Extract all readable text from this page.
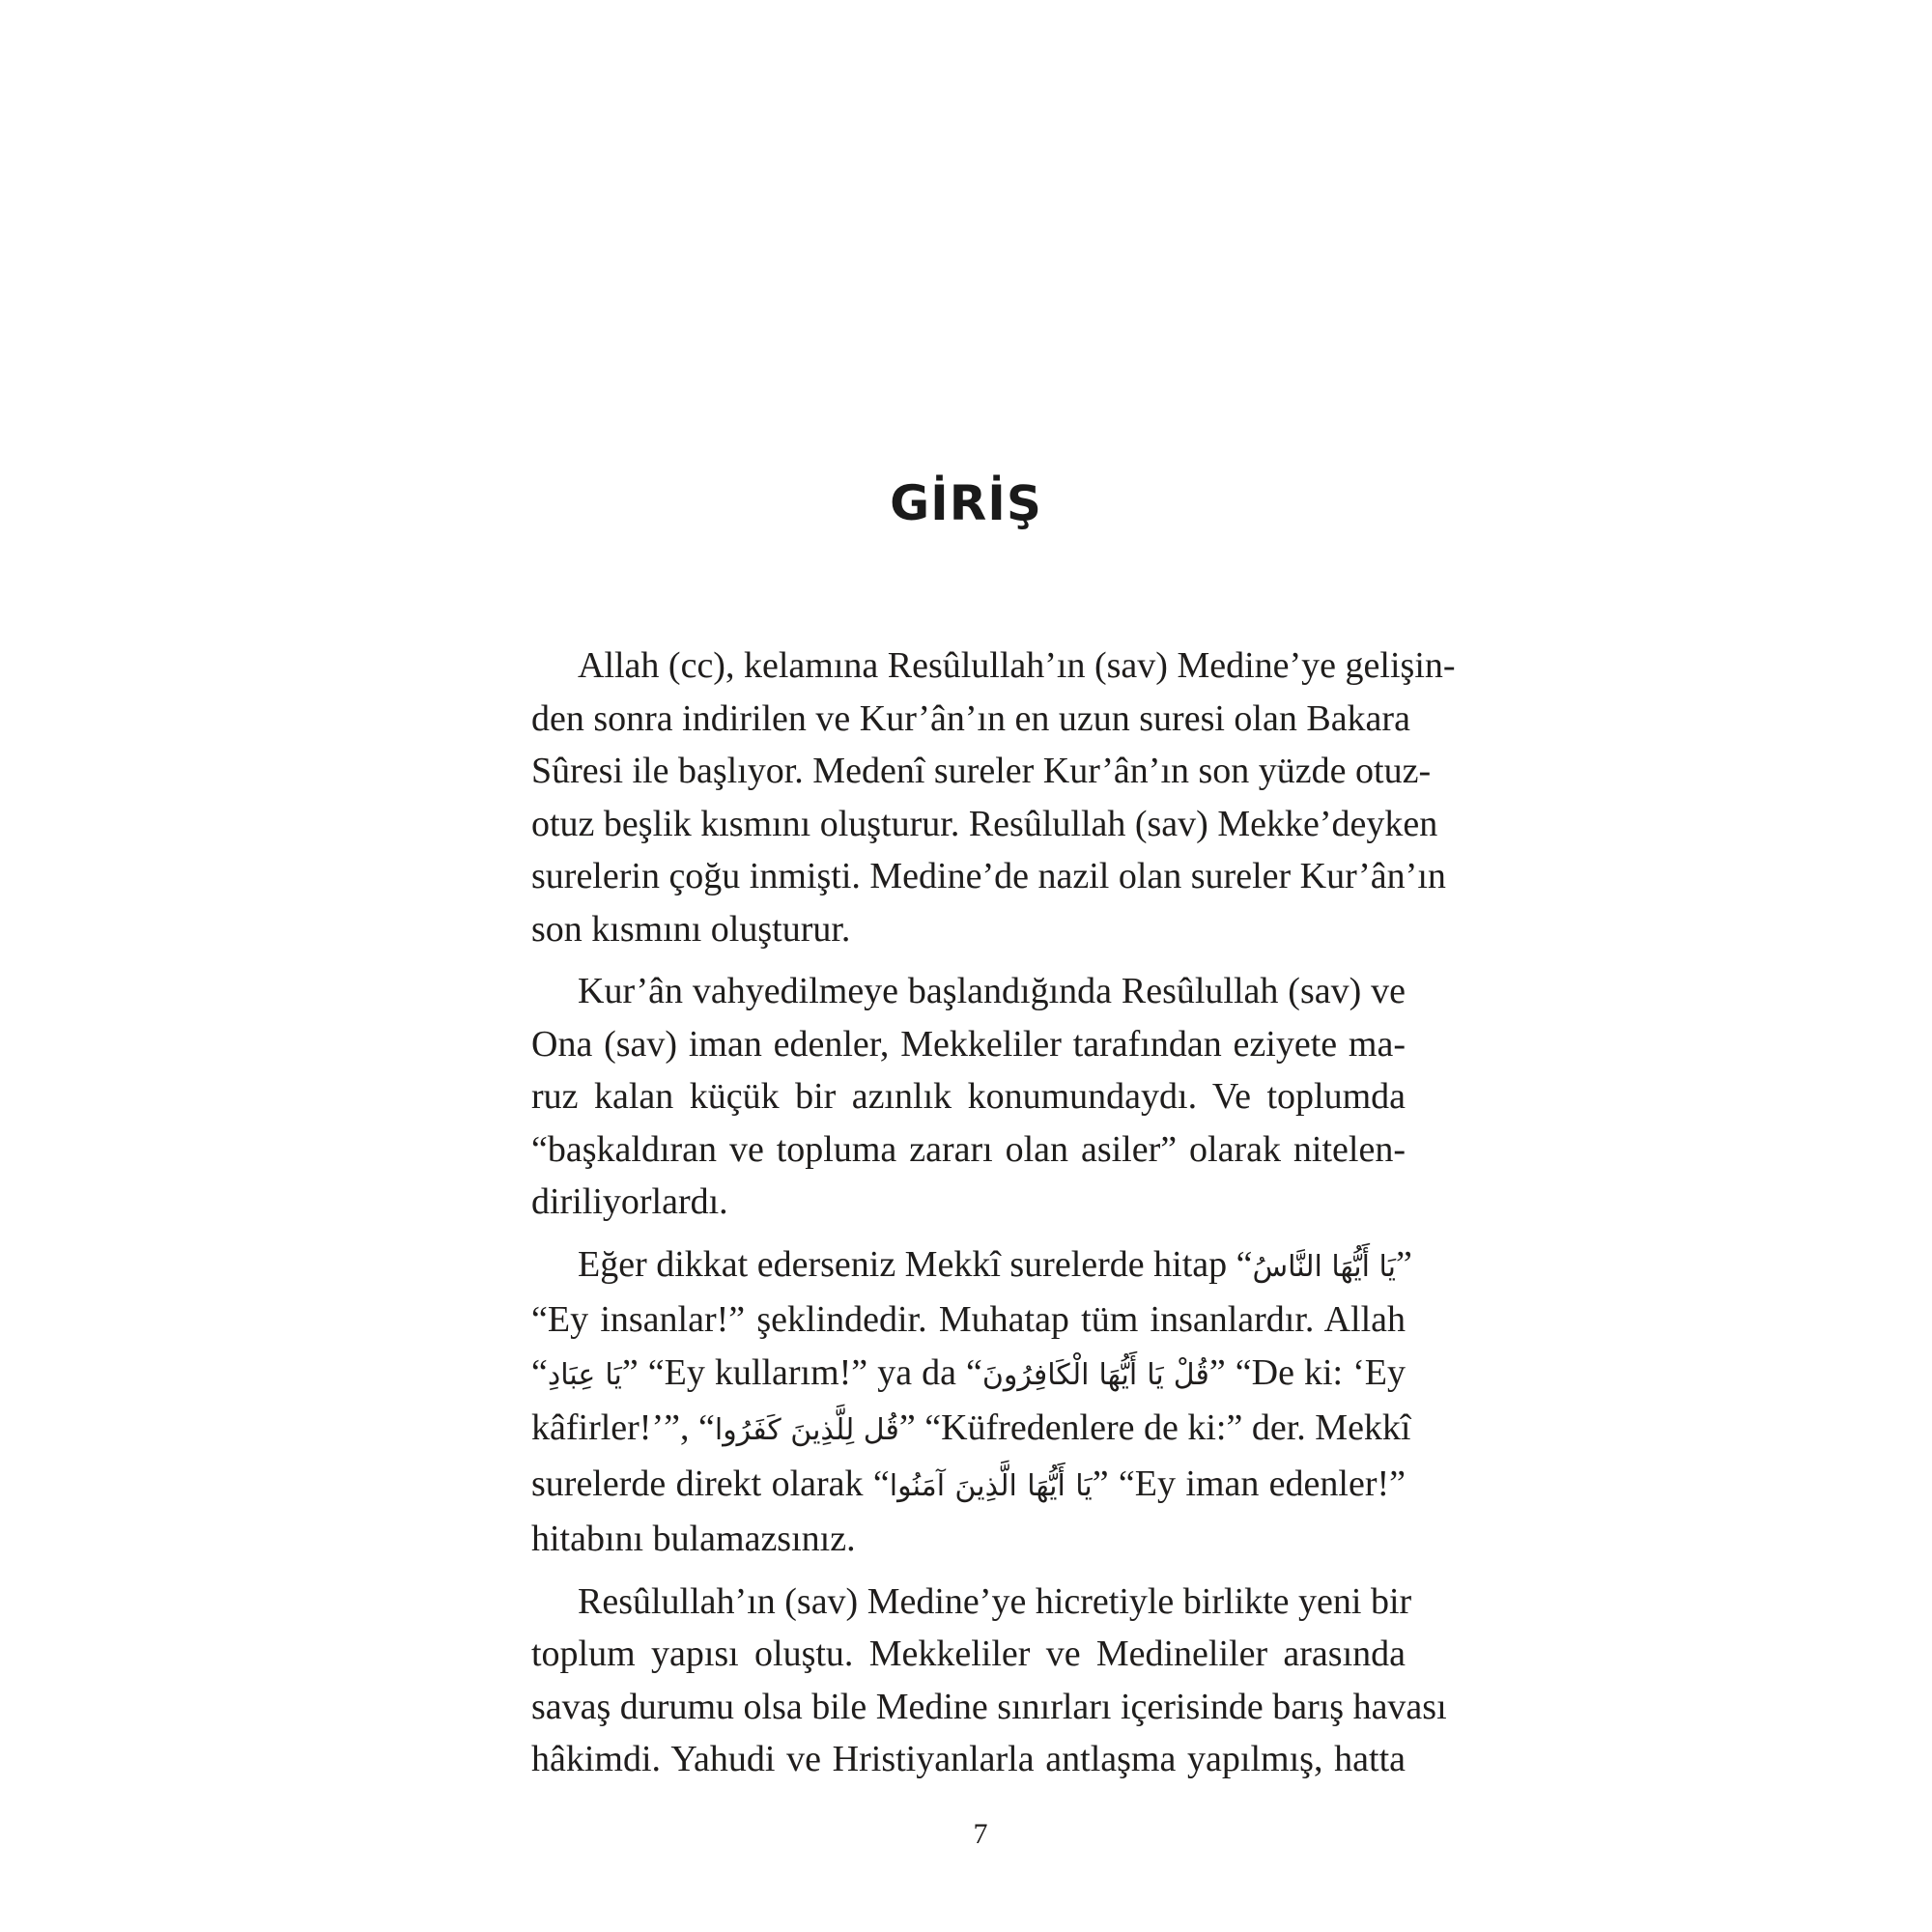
GİRİŞ

Allah (cc), kelamına Resûlullah’ın (sav) Medine’ye gelişin-
den sonra indirilen ve Kur’ân’ın en uzun suresi olan Bakara
Sûresi ile başlıyor. Medenî sureler Kur’ân’ın son yüzde otuz-
otuz beşlik kısmını oluşturur. Resûlullah (sav) Mekke’deyken
surelerin çoğu inmişti. Medine’de nazil olan sureler Kur’ân’ın
son kısmını oluşturur.

Kur’ân vahyedilmeye başlandığında Resûlullah (sav) ve
Ona (sav) iman edenler, Mekkeliler tarafından eziyete ma-
ruz kalan küçük bir azınlık konumundaydı. Ve toplumda
“başkaldıran ve topluma zararı olan asiler” olarak nitelen-
diriliyorlardı.

Eğer dikkat ederseniz Mekkî surelerde hitap “يَا أَيُّهَا النَّاسُ”
“Ey insanlar!” şeklindedir. Muhatap tüm insanlardır. Allah
“يَا عِبَادِ” “Ey kullarım!” ya da “قُلْ يَا أَيُّهَا الْكَافِرُونَ” “De ki: ‘Ey
kâfirler!’”, “قُل لِلَّذِينَ كَفَرُوا” “Küfredenlere de ki:” der. Mekkî
surelerde direkt olarak “يَا أَيُّهَا الَّذِينَ آمَنُوا” “Ey iman edenler!”
hitabını bulamazsınız.

Resûlullah’ın (sav) Medine’ye hicretiyle birlikte yeni bir
toplum yapısı oluştu. Mekkeliler ve Medineliler arasında
savaş durumu olsa bile Medine sınırları içerisinde barış havası
hâkimdi. Yahudi ve Hristiyanlarla antlaşma yapılmış, hatta

7
